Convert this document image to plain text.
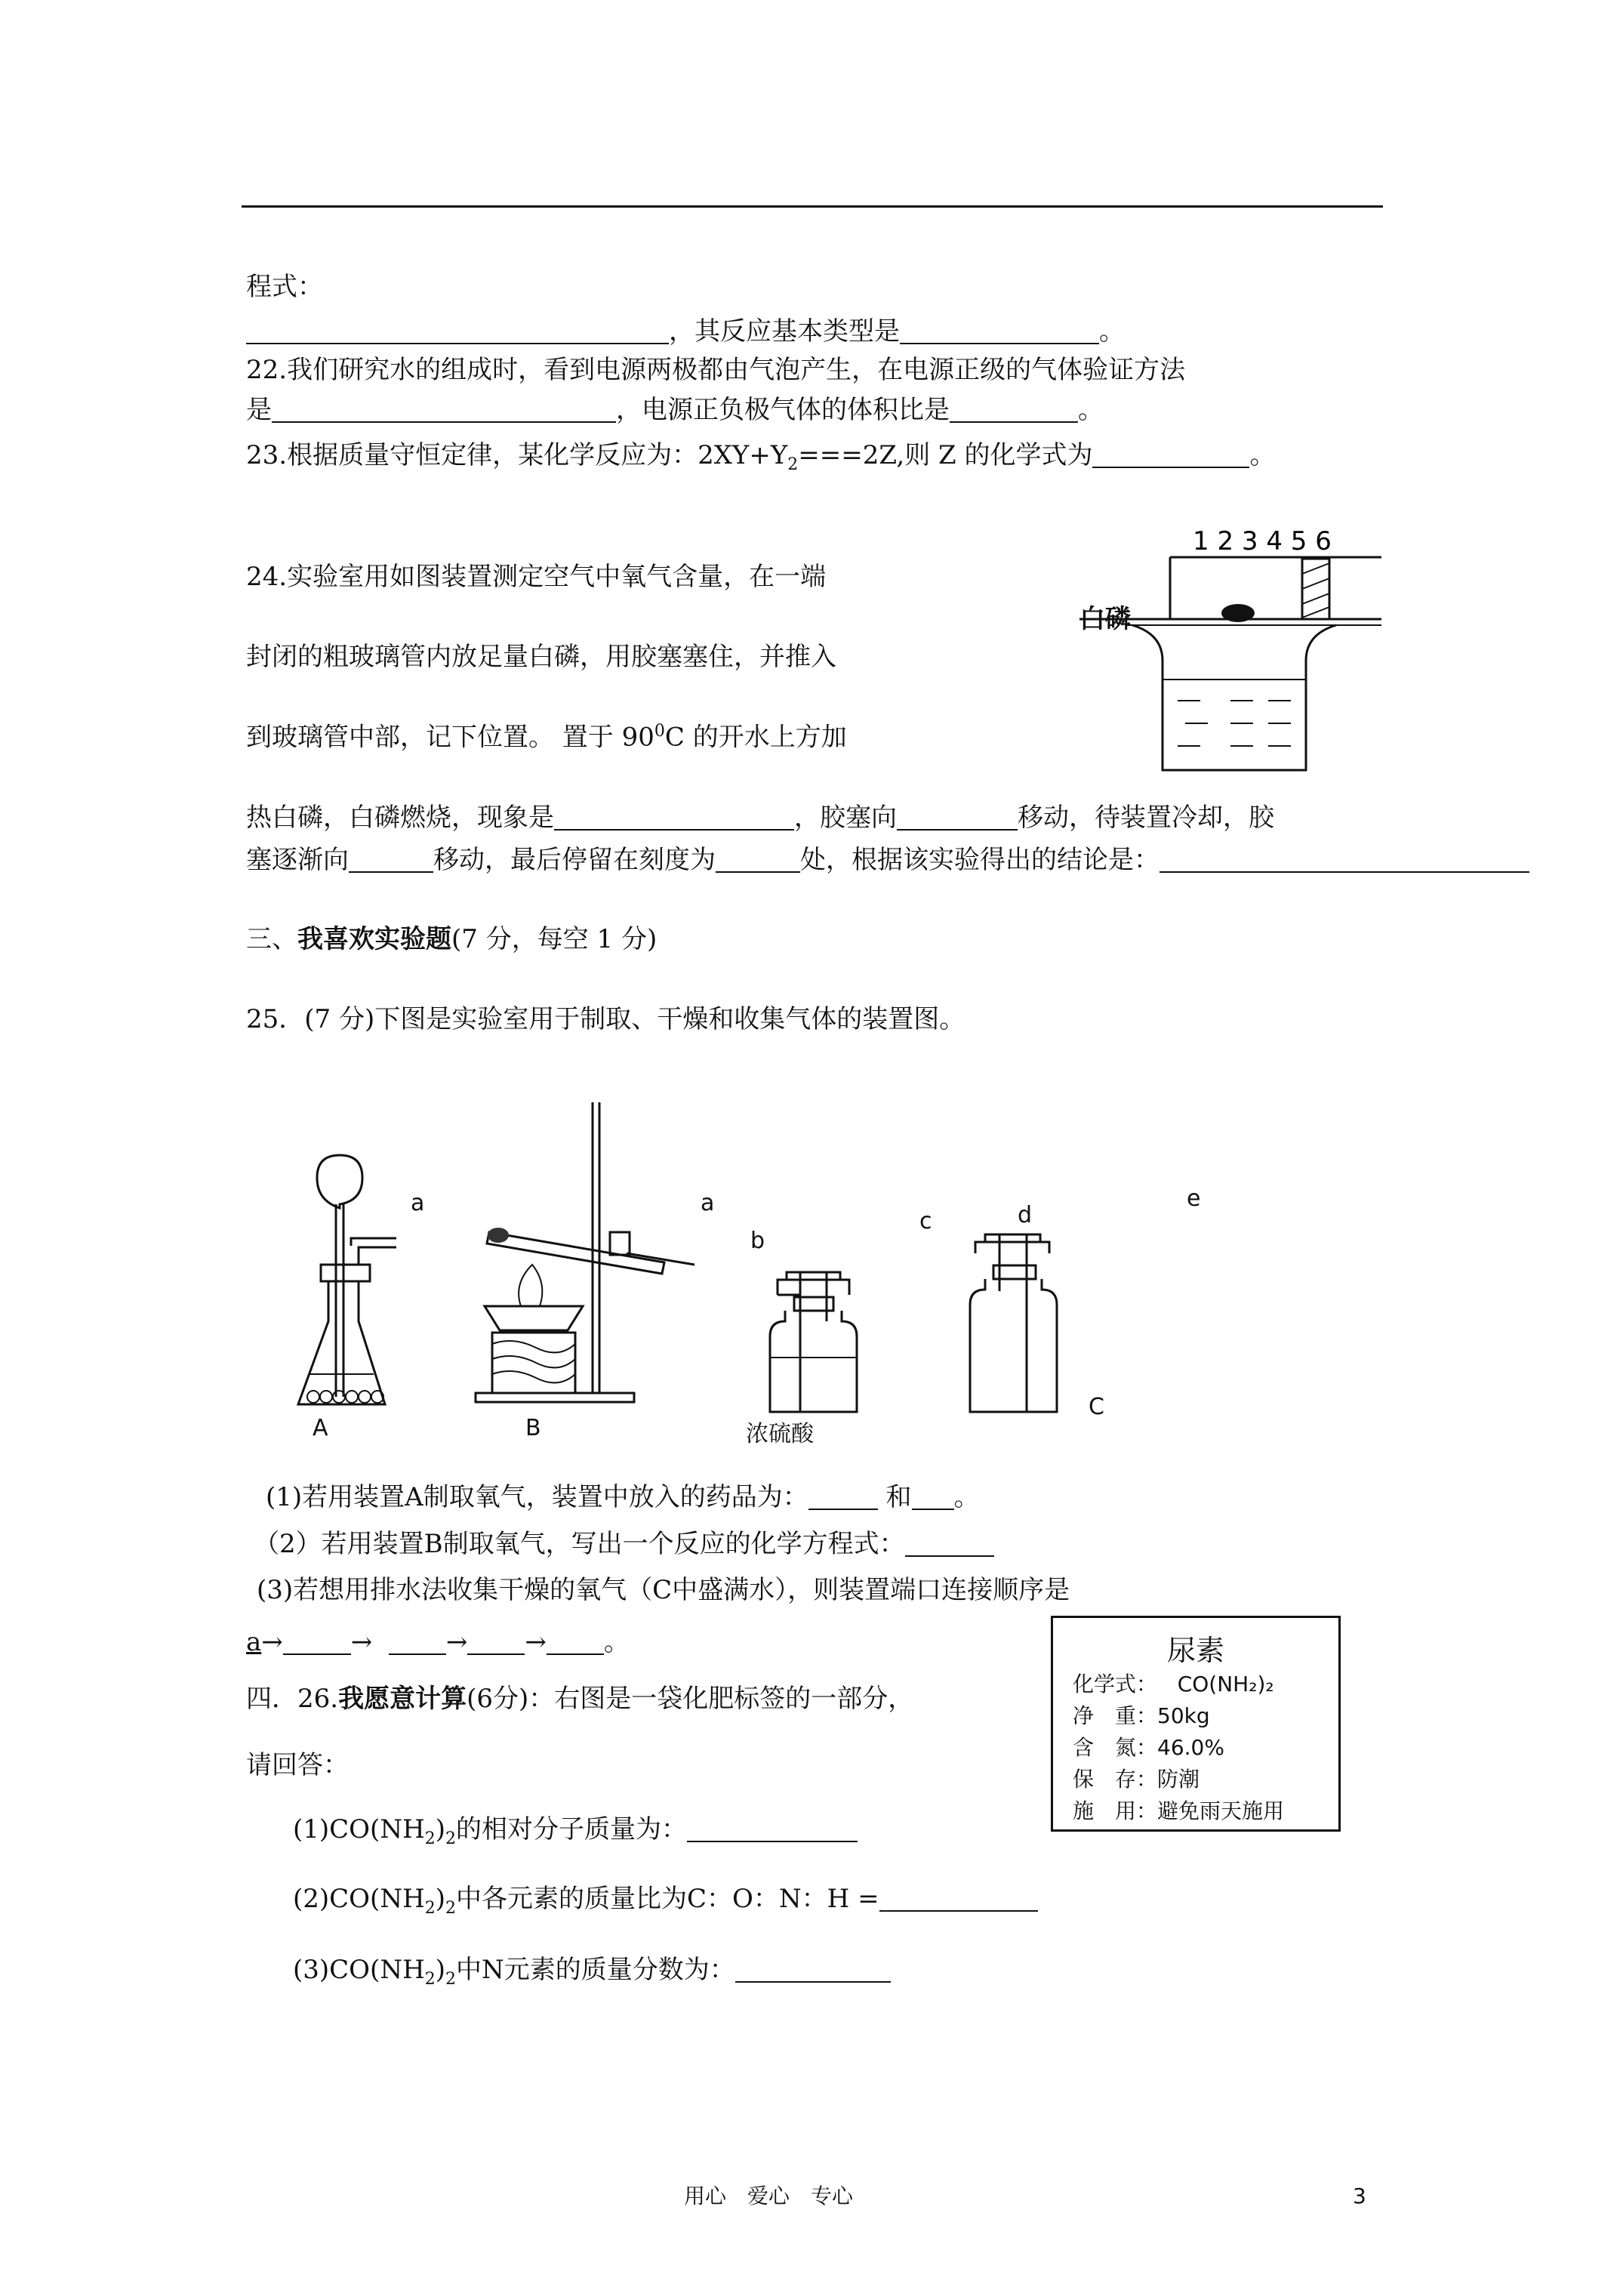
程式：
，其反应基本类型是	。
22.我们研究水的组成时，看到电源两极都由气泡产生，在电源正级的气体验证方法
是	，电源正负极气体的体积比是	。
23.根据质量守恒定律，某化学反应为：$2XY+Y_2===2Z$,则 Z 的化学式为	。
24.实验室用如图装置测定空气中氧气含量，在一端
封闭的粗玻璃管内放足量白磷，用胶塞塞住，并推入
到玻璃管中部，记下位置。 置于 $90^0C$ 的开水上方加
热白磷，白磷燃烧，现象是	，胶塞向	移动，待装置冷却，胶
塞逐渐向	移动，最后停留在刻度为	处，根据该实验得出的结论是：
1 2 3 4 5 6
白磷
三、我喜欢实验题(7 分，每空 1 分)
25．(7 分)下图是实验室用于制取、干燥和收集气体的装置图。
a	a
b
c	d
e
A	B	浓硫酸
C
(1)若用装置A制取氧气，装置中放入的药品为：	和 。
（2）若用装置B制取氧气，写出一个反应的化学方程式：
(3)若想用排水法收集干燥的氧气（C中盛满水），则装置端口连接顺序是
a→	→	→ → 。	尿素
化学式： CO(NH₂)₂
净　重：50kg
含　氮：46.0%
保　存：防潮
施　用：避免雨天施用
四．26.我愿意计算(6分)：右图是一袋化肥标签的一部分，
请回答：
$(1)CO(NH_2)_2$的相对分子质量为：
$(2)CO(NH_2)_2$中各元素的质量比为C：O：N：H =
$(3)CO(NH_2)_2$中N元素的质量分数为：
用心　爱心　专心	3
